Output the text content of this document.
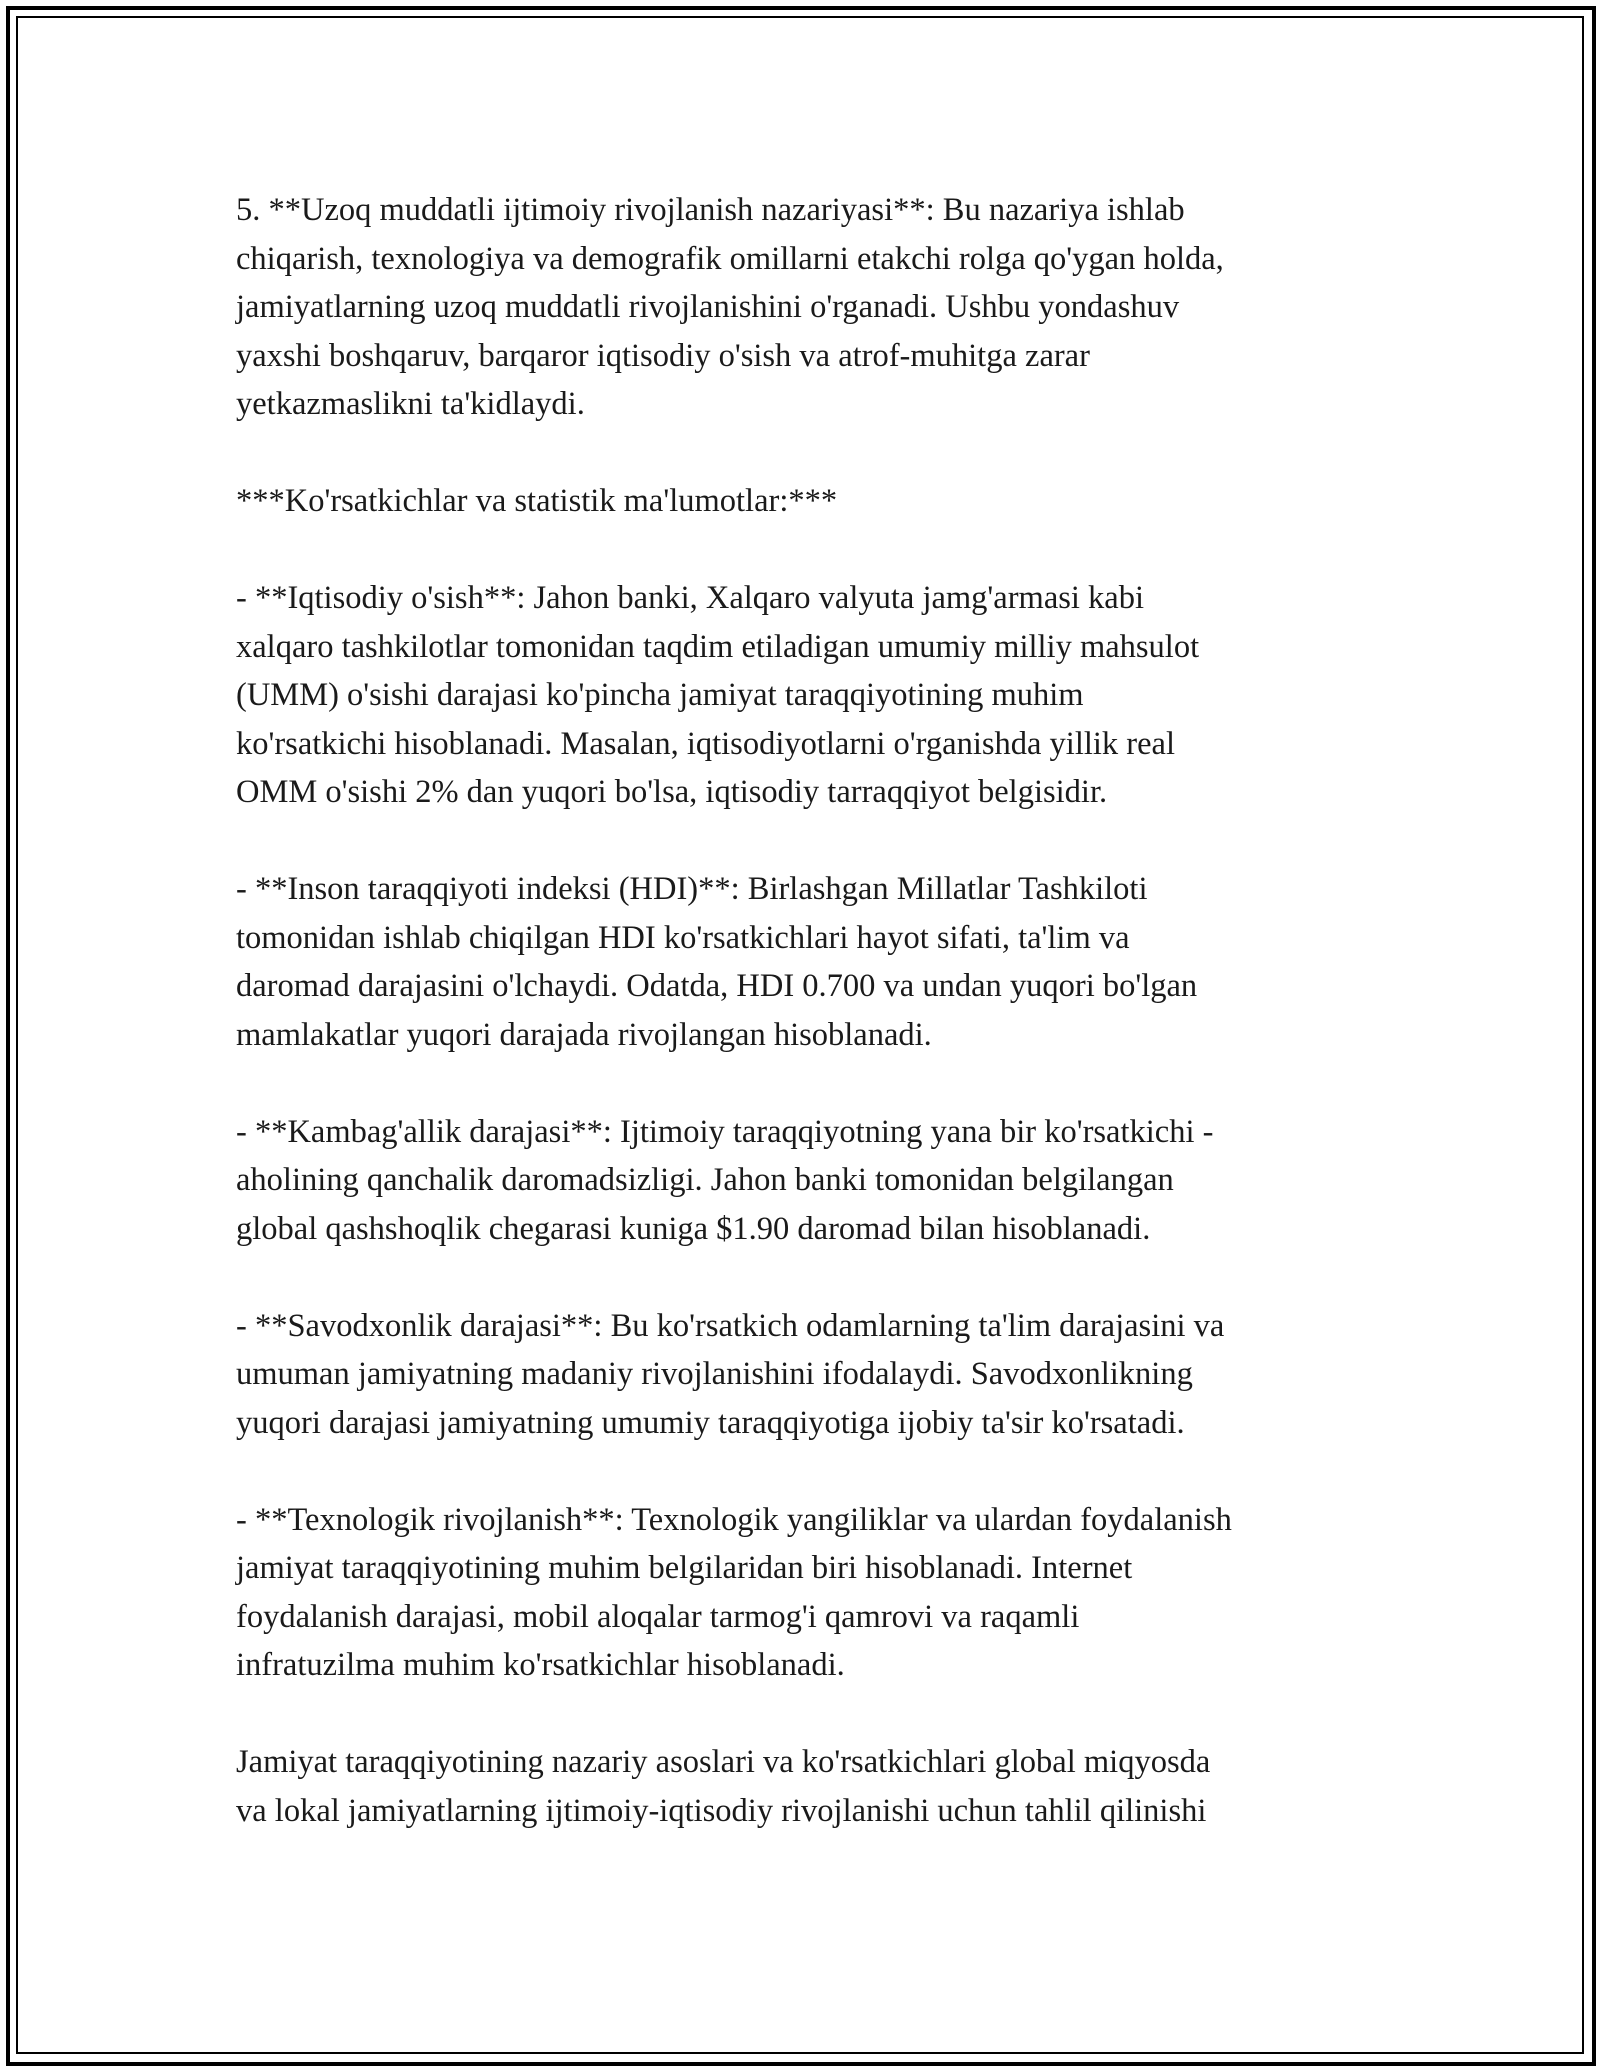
5. **Uzoq muddatli ijtimoiy rivojlanish nazariyasi**: Bu nazariya ishlab
chiqarish, texnologiya va demografik omillarni etakchi rolga qo'ygan holda,
jamiyatlarning uzoq muddatli rivojlanishini o'rganadi. Ushbu yondashuv
yaxshi boshqaruv, barqaror iqtisodiy o'sish va atrof-muhitga zarar
yetkazmaslikni ta'kidlaydi.

***Ko'rsatkichlar va statistik ma'lumotlar:***

- **Iqtisodiy o'sish**: Jahon banki, Xalqaro valyuta jamg'armasi kabi
xalqaro tashkilotlar tomonidan taqdim etiladigan umumiy milliy mahsulot
(UMM) o'sishi darajasi ko'pincha jamiyat taraqqiyotining muhim
ko'rsatkichi hisoblanadi. Masalan, iqtisodiyotlarni o'rganishda yillik real
OMM o'sishi 2% dan yuqori bo'lsa, iqtisodiy tarraqqiyot belgisidir.

- **Inson taraqqiyoti indeksi (HDI)**: Birlashgan Millatlar Tashkiloti
tomonidan ishlab chiqilgan HDI ko'rsatkichlari hayot sifati, ta'lim va
daromad darajasini o'lchaydi. Odatda, HDI 0.700 va undan yuqori bo'lgan
mamlakatlar yuqori darajada rivojlangan hisoblanadi.

- **Kambag'allik darajasi**: Ijtimoiy taraqqiyotning yana bir ko'rsatkichi -
aholining qanchalik daromadsizligi. Jahon banki tomonidan belgilangan
global qashshoqlik chegarasi kuniga $1.90 daromad bilan hisoblanadi.

- **Savodxonlik darajasi**: Bu ko'rsatkich odamlarning ta'lim darajasini va
umuman jamiyatning madaniy rivojlanishini ifodalaydi. Savodxonlikning
yuqori darajasi jamiyatning umumiy taraqqiyotiga ijobiy ta'sir ko'rsatadi.

- **Texnologik rivojlanish**: Texnologik yangiliklar va ulardan foydalanish
jamiyat taraqqiyotining muhim belgilaridan biri hisoblanadi. Internet
foydalanish darajasi, mobil aloqalar tarmog'i qamrovi va raqamli
infratuzilma muhim ko'rsatkichlar hisoblanadi.

Jamiyat taraqqiyotining nazariy asoslari va ko'rsatkichlari global miqyosda
va lokal jamiyatlarning ijtimoiy-iqtisodiy rivojlanishi uchun tahlil qilinishi
